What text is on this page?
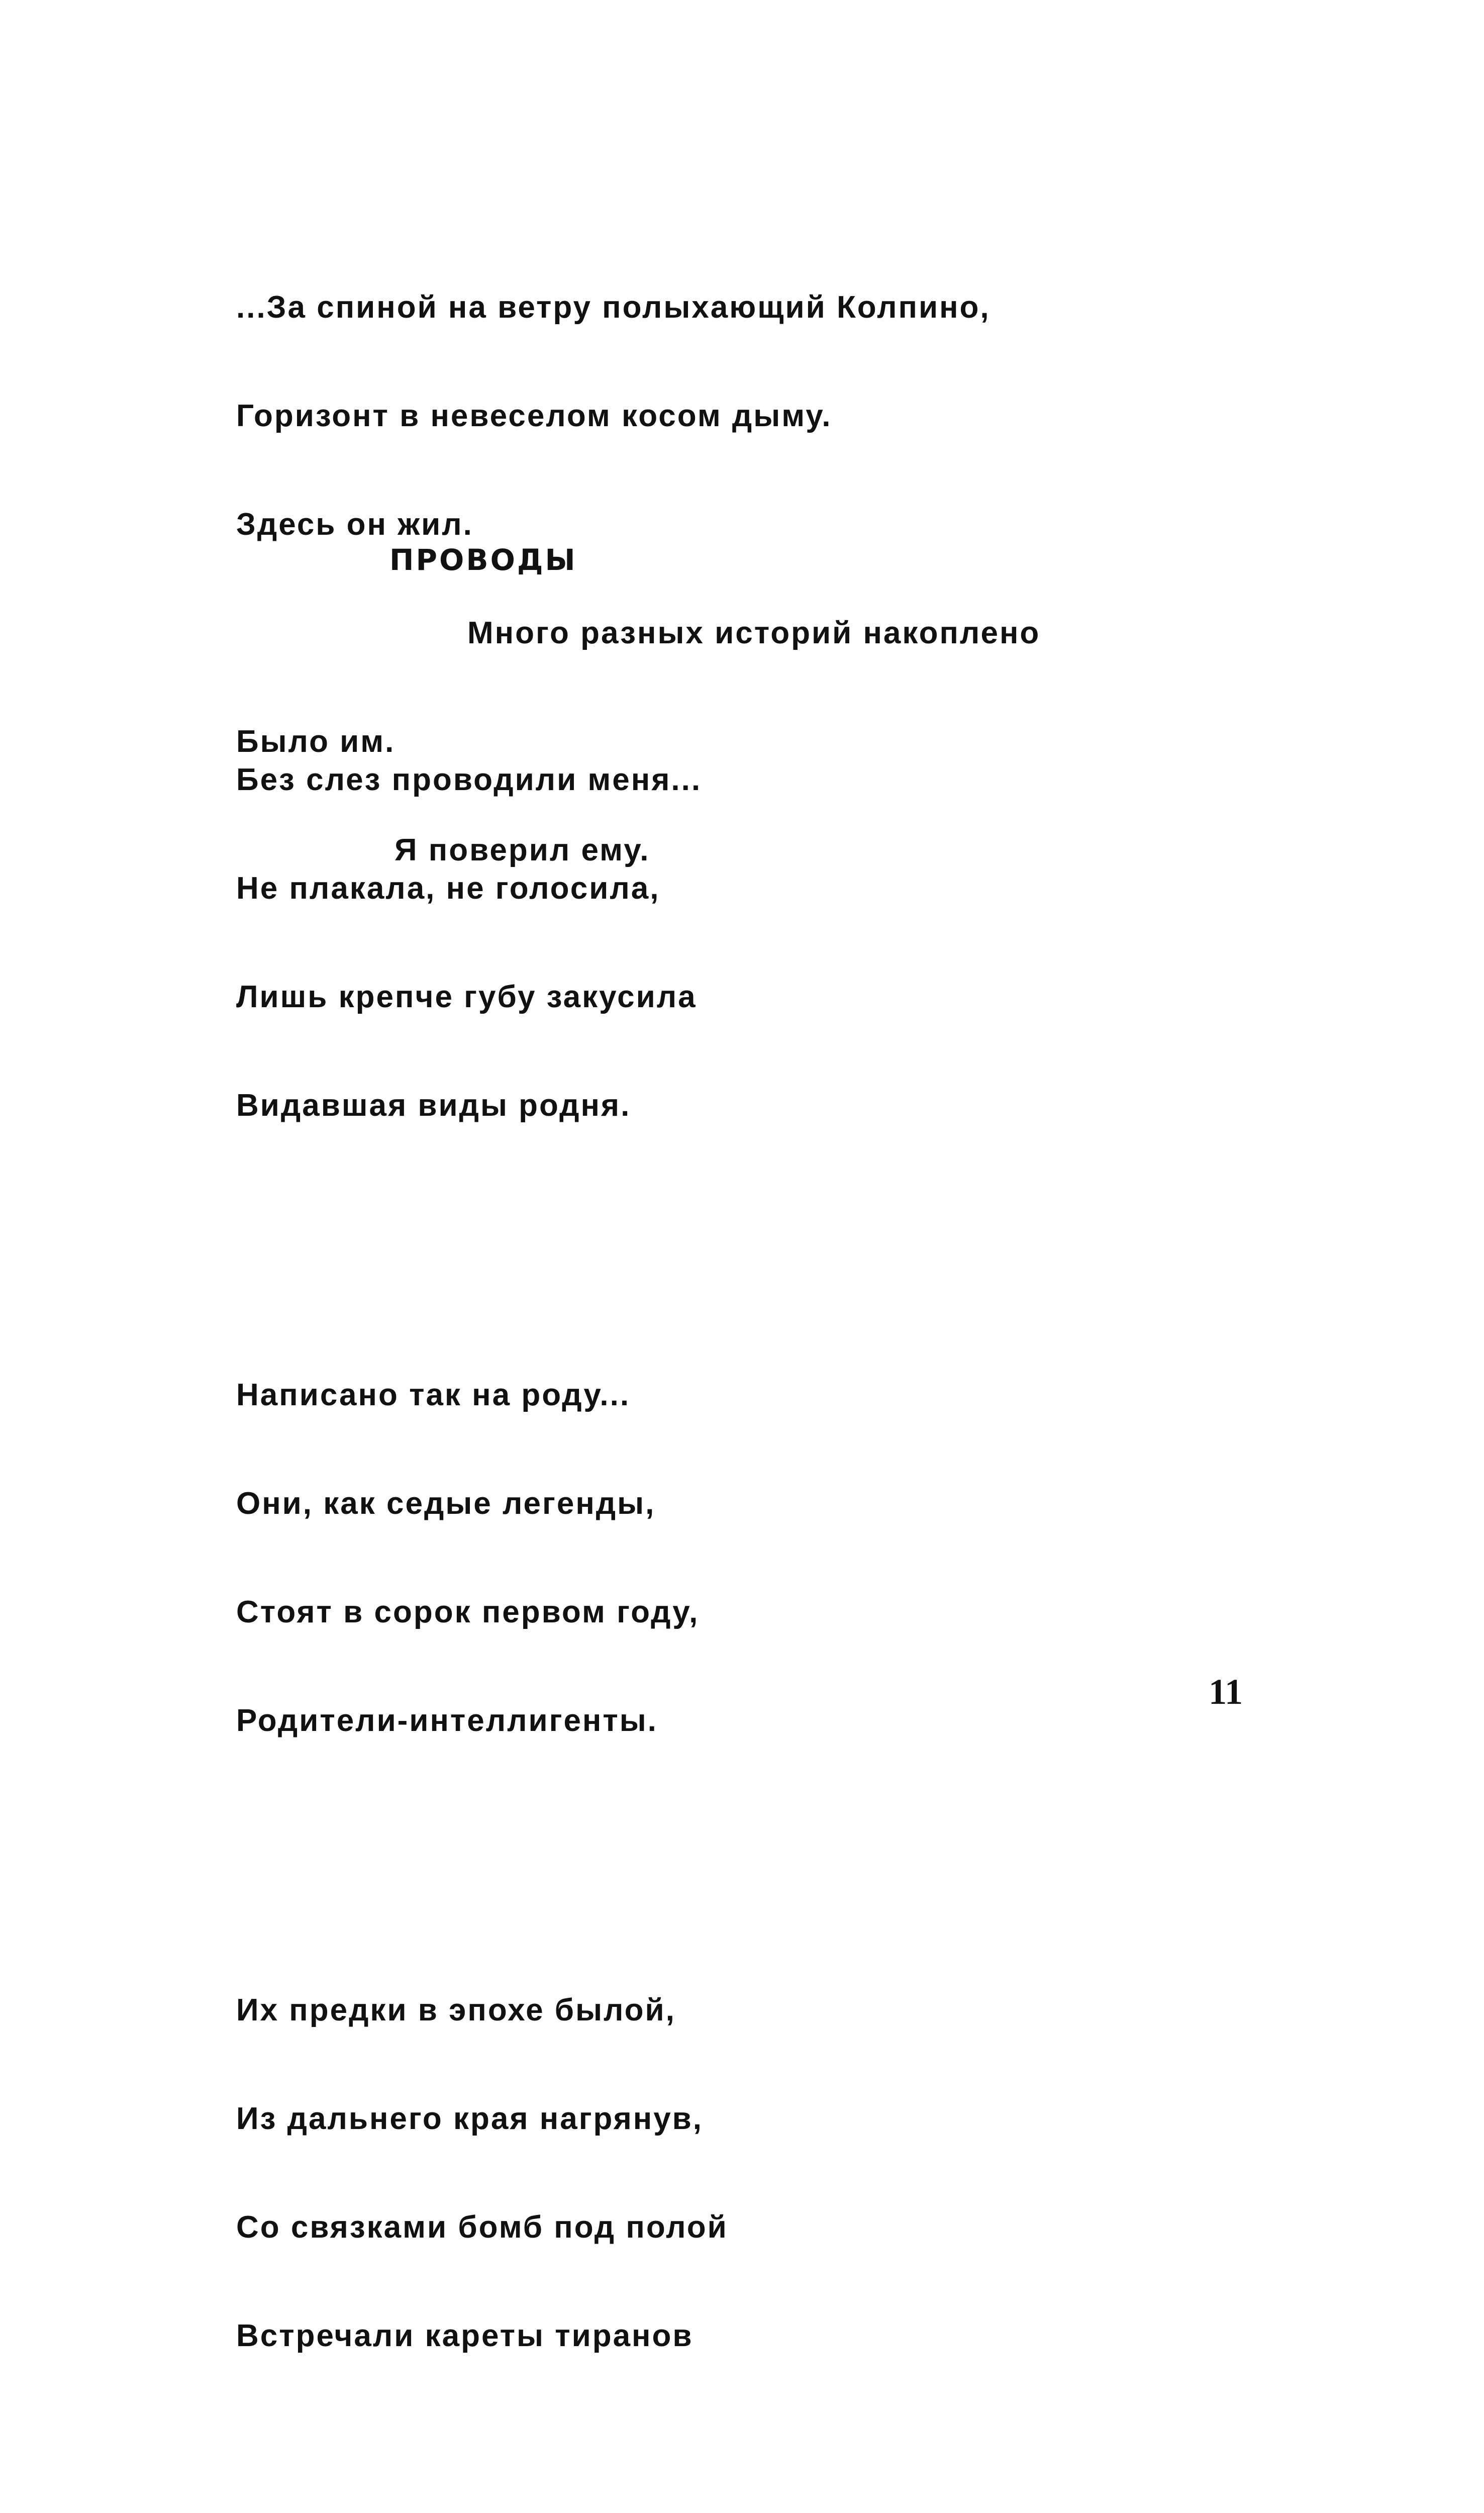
...За спиной на ветру полыхающий Колпино,

Горизонт в невеселом косом дыму.

Здесь он жил.

Много разных историй накоплено

Было им.

Я поверил ему.

ПРОВОДЫ

Без слез проводили меня...

Не плакала, не голосила,

Лишь крепче губу закусила

Видавшая виды родня.

Написано так на роду...

Они, как седые легенды,

Стоят в сорок первом году,

Родители-интеллигенты.

Их предки в эпохе былой,

Из дальнего края нагрянув,

Со связками бомб под полой

Встречали кареты тиранов

11
